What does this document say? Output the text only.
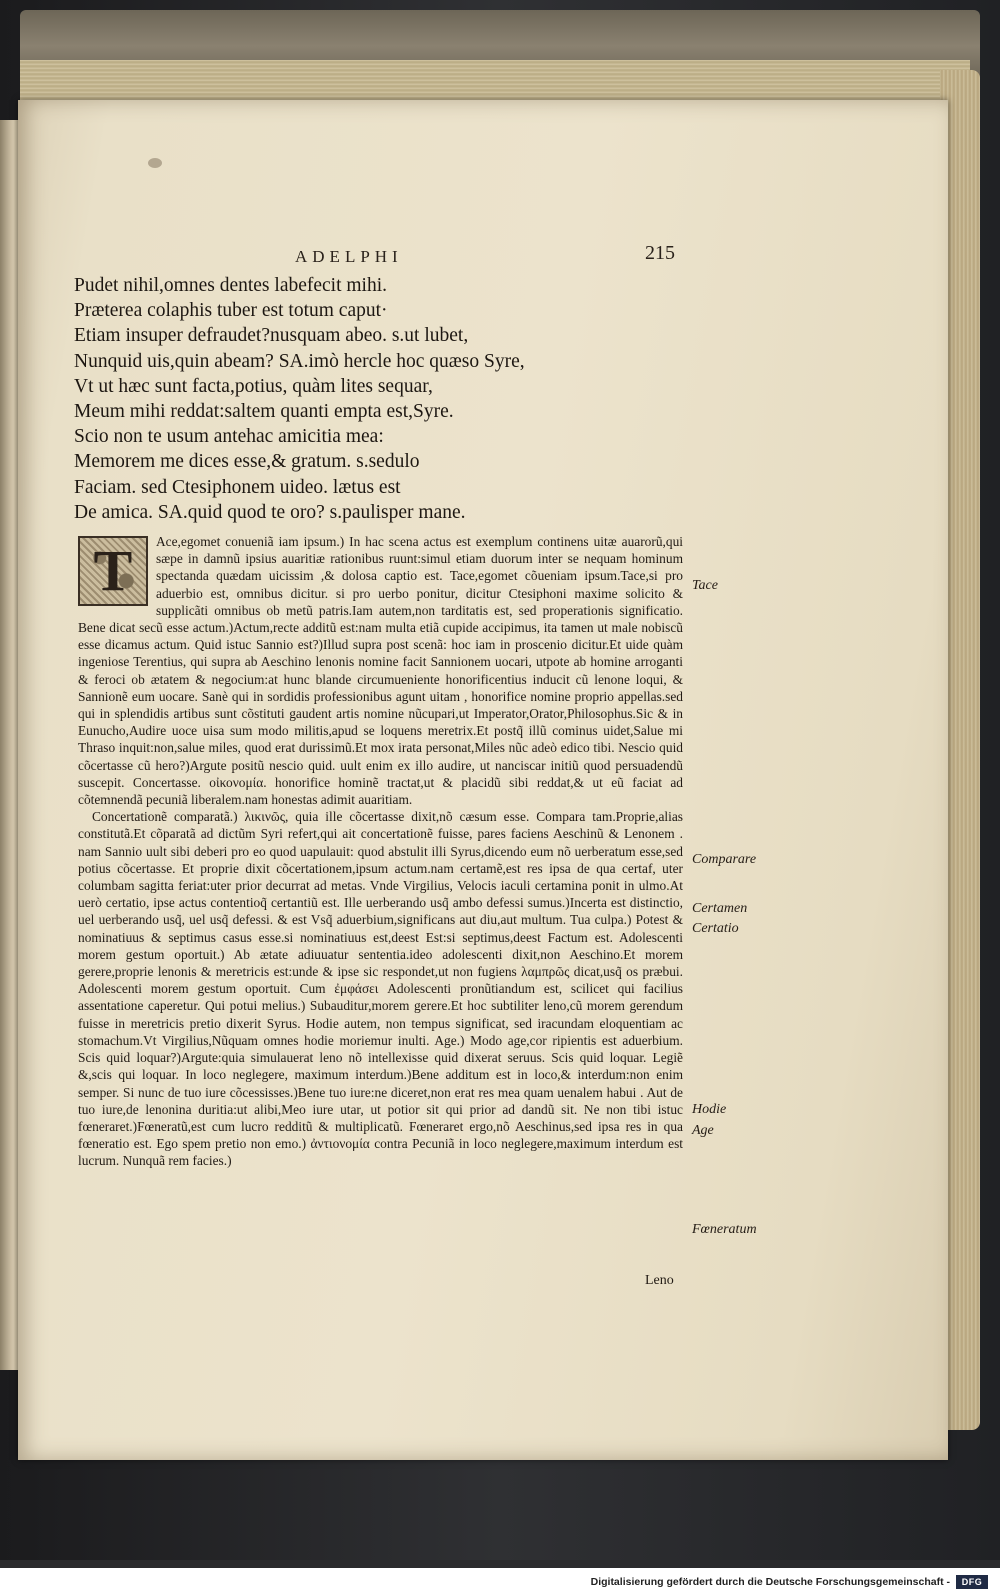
ADELPHI	215
Pudet nihil,omnes dentes labefecit mihi.
Præterea colaphis tuber est totum caput·
Etiam insuper defraudet?nusquam abeo. s.ut lubet,
Nunquid uis,quin abeam? SA.imò hercle hoc quæso Syre,
Vt ut hæc sunt facta,potius, quàm lites sequar,
Meum mihi reddat:saltem quanti empta est,Syre.
Scio non te usum antehac amicitia mea:
Memorem me dices esse,& gratum. s.sedulo
Faciam. sed Ctesiphonem uideo. lætus est
De amica. SA.quid quod te oro? s.paulisper mane.
T	Ace,egomet conueniã iam ipsum.) In hac scena actus est exemplum continens uitæ auarorũ,qui sæpe in damnũ ipsius auaritiæ rationibus ruunt:simul etiam duorum inter se nequam hominum spectanda quædam uicissim ,& dolosa captio est. Tace,egomet cõueniam ipsum.Tace,si pro aduerbio est, omnibus dicitur. si pro uerbo ponitur, dicitur Ctesiphoni maxime solicito & supplicãti omnibus ob metũ patris.Iam autem,non tarditatis est, sed properationis significatio. Bene dicat secũ esse actum.)Actum,recte additũ est:nam multa etiã cupide accipimus, ita tamen ut male nobiscũ esse dicamus actum. Quid istuc Sannio est?)Illud supra post scenã: hoc iam in proscenio dicitur.Et uide quàm ingeniose Terentius, qui supra ab Aeschino lenonis nomine facit Sannionem uocari, utpote ab homine arroganti & feroci ob ætatem & negocium:at hunc blande circumueniente honorificentius inducit cũ lenone loqui, & Sannionẽ eum uocare. Sanè qui in sordidis professionibus agunt uitam , honorifice nomine proprio appellas.sed qui in splendidis artibus sunt cõstituti gaudent artis nomine nũcupari,ut Imperator,Orator,Philosophus.Sic & in Eunucho,Audire uoce uisa sum modo militis,apud se loquens meretrix.Et postq̃ illũ cominus uidet,Salue mi Thraso inquit:non,salue miles, quod erat durissimũ.Et mox irata personat,Miles nũc adeò edico tibi. Nescio quid cõcertasse cũ hero?)Argute positũ nescio quid. uult enim ex illo audire, ut nanciscar initiũ quod persuadendũ suscepit. Concertasse. οἰκονομία. honorifice hominẽ tractat,ut & placidũ sibi reddat,& ut eũ faciat ad cõtemnendã pecuniã liberalem.nam honestas adimit auaritiam.

Concertationẽ comparatã.) λικινῶς, quia ille cõcertasse dixit,nõ cæsum esse. Compara tam.Proprie,alias constitutã.Et cõparatã ad dictũm Syri refert,qui ait concertationẽ fuisse, pares faciens Aeschinũ & Lenonem . nam Sannio uult sibi deberi pro eo quod uapulauit: quod abstulit illi Syrus,dicendo eum nõ uerberatum esse,sed potius cõcertasse. Et proprie dixit cõcertationem,ipsum actum.nam certamẽ,est res ipsa de qua certaf, uter columbam sagitta feriat:uter prior decurrat ad metas. Vnde Virgilius, Velocis iaculi certamina ponit in ulmo.At uerò certatio, ipse actus contentioq̃ certantiũ est. Ille uerberando usq̃ ambo defessi sumus.)Incerta est distinctio, uel uerberando usq̃, uel usq̃ defessi. & est Vsq̃ aduerbium,significans aut diu,aut multum. Tua culpa.) Potest & nominatiuus & septimus casus esse.si nominatiuus est,deest Est:si septimus,deest Factum est. Adolescenti morem gestum oportuit.) Ab ætate adiuuatur sententia.ideo adolescenti dixit,non Aeschino.Et morem gerere,proprie lenonis & meretricis est:unde & ipse sic respondet,ut non fugiens λαμπρῶς dicat,usq̃ os præbui. Adolescenti morem gestum oportuit. Cum ἐμφάσει Adolescenti pronũtiandum est, scilicet qui facilius assentatione caperetur. Qui potui melius.) Subauditur,morem gerere.Et hoc subtiliter leno,cũ morem gerendum fuisse in meretricis pretio dixerit Syrus. Hodie autem, non tempus significat, sed iracundam eloquentiam ac stomachum.Vt Virgilius,Nũquam omnes hodie moriemur inulti. Age.) Modo age,cor ripientis est aduerbium. Scis quid loquar?)Argute:quia simulauerat leno nõ intellexisse quid dixerat seruus. Scis quid loquar. Legiẽ &,scis qui loquar. In loco neglegere, maximum interdum.)Bene additum est in loco,& interdum:non enim semper. Si nunc de tuo iure cõcessisses.)Bene tuo iure:ne diceret,non erat res mea quam uenalem habui . Aut de tuo iure,de lenonina duritia:ut alibi,Meo iure utar, ut potior sit qui prior ad dandũ sit. Ne non tibi istuc fœneraret.)Fœneratũ,est cum lucro redditũ & multiplicatũ. Fœneraret ergo,nõ Aeschinus,sed ipsa res in qua fœneratio est. Ego spem pretio non emo.) ἀντιονομία contra Pecuniã in loco neglegere,maximum interdum est lucrum. Nunquã rem facies.)

Leno
Tace
Comparare
Certamen
Certatio
Hodie
Age
Fœneratum
Digitalisierung gefördert durch die Deutsche Forschungsgemeinschaft -	DFG
